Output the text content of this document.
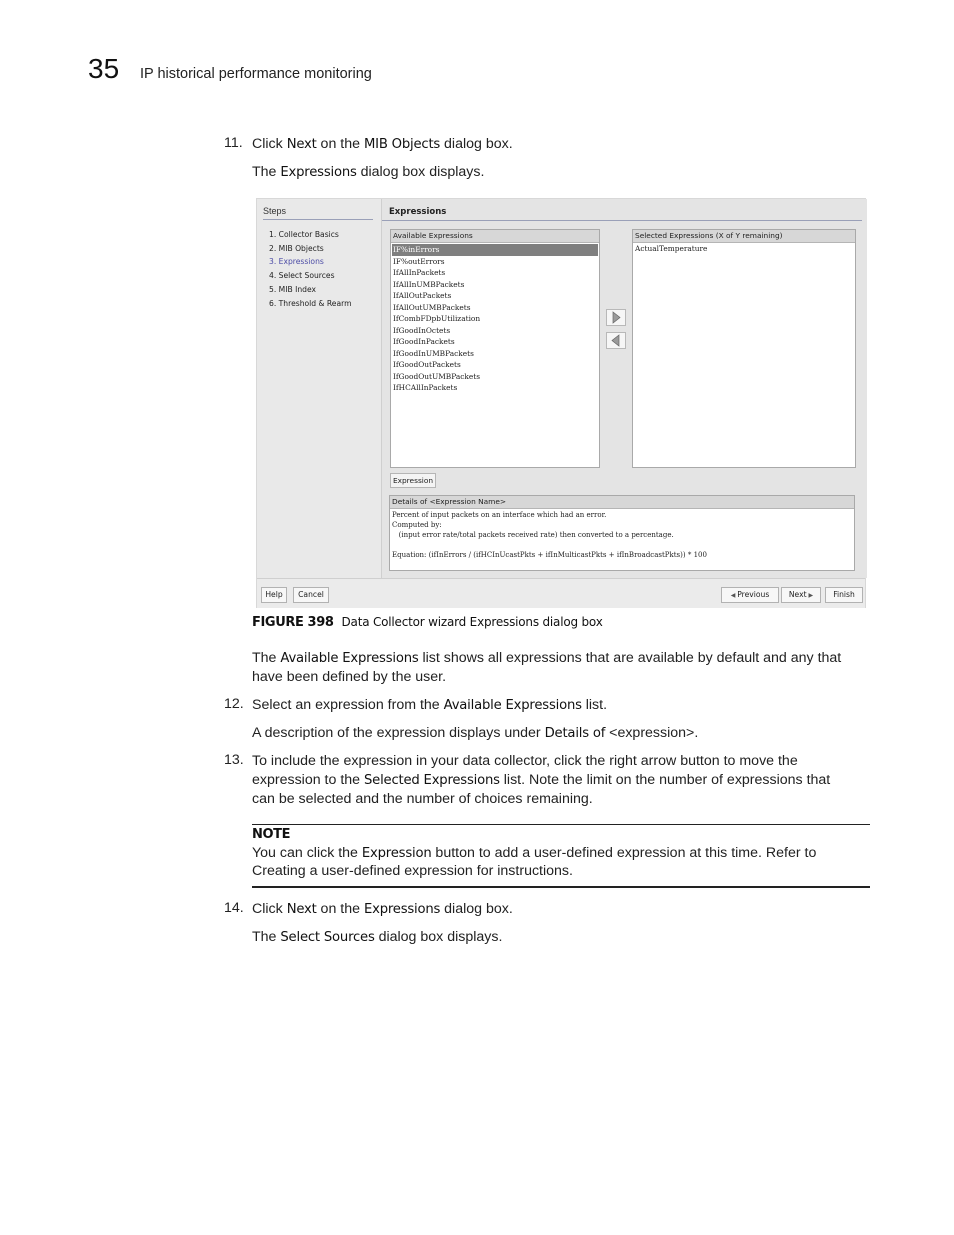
35 IP historical performance monitoring
11. Click Next on the MIB Objects dialog box.
The Expressions dialog box displays.
Steps
1. Collector Basics
2. MIB Objects
3. Expressions
4. Select Sources
5. MIB Index
6. Threshold & Rearm
Expressions
Available Expressions
IF%inErrors
IF%outErrors
IfAllInPackets
IfAllInUMBPackets
IfAllOutPackets
IfAllOutUMBPackets
IfCombFDpbUtilization
IfGoodInOctets
IfGoodInPackets
IfGoodInUMBPackets
IfGoodOutPackets
IfGoodOutUMBPackets
IfHCAllInPackets
Selected Expressions (X of Y remaining)
ActualTemperature
Expression
Details of <Expression Name>
Percent of input packets on an interface which had an error.
Computed by:
(input error rate/total packets received rate) then converted to a percentage.
Equation: (ifInErrors / (ifHCInUcastPkts + ifInMulticastPkts + ifInBroadcastPkts)) * 100
Help	Cancel	◀ Previous	Next ▶	Finish
FIGURE 398 Data Collector wizard Expressions dialog box
The Available Expressions list shows all expressions that are available by default and any that
have been defined by the user.
12. Select an expression from the Available Expressions list.
A description of the expression displays under Details of <expression>.
13. To include the expression in your data collector, click the right arrow button to move the
expression to the Selected Expressions list. Note the limit on the number of expressions that
can be selected and the number of choices remaining.
NOTE
You can click the Expression button to add a user-defined expression at this time. Refer to
Creating a user-defined expression for instructions.
14. Click Next on the Expressions dialog box.
The Select Sources dialog box displays.
